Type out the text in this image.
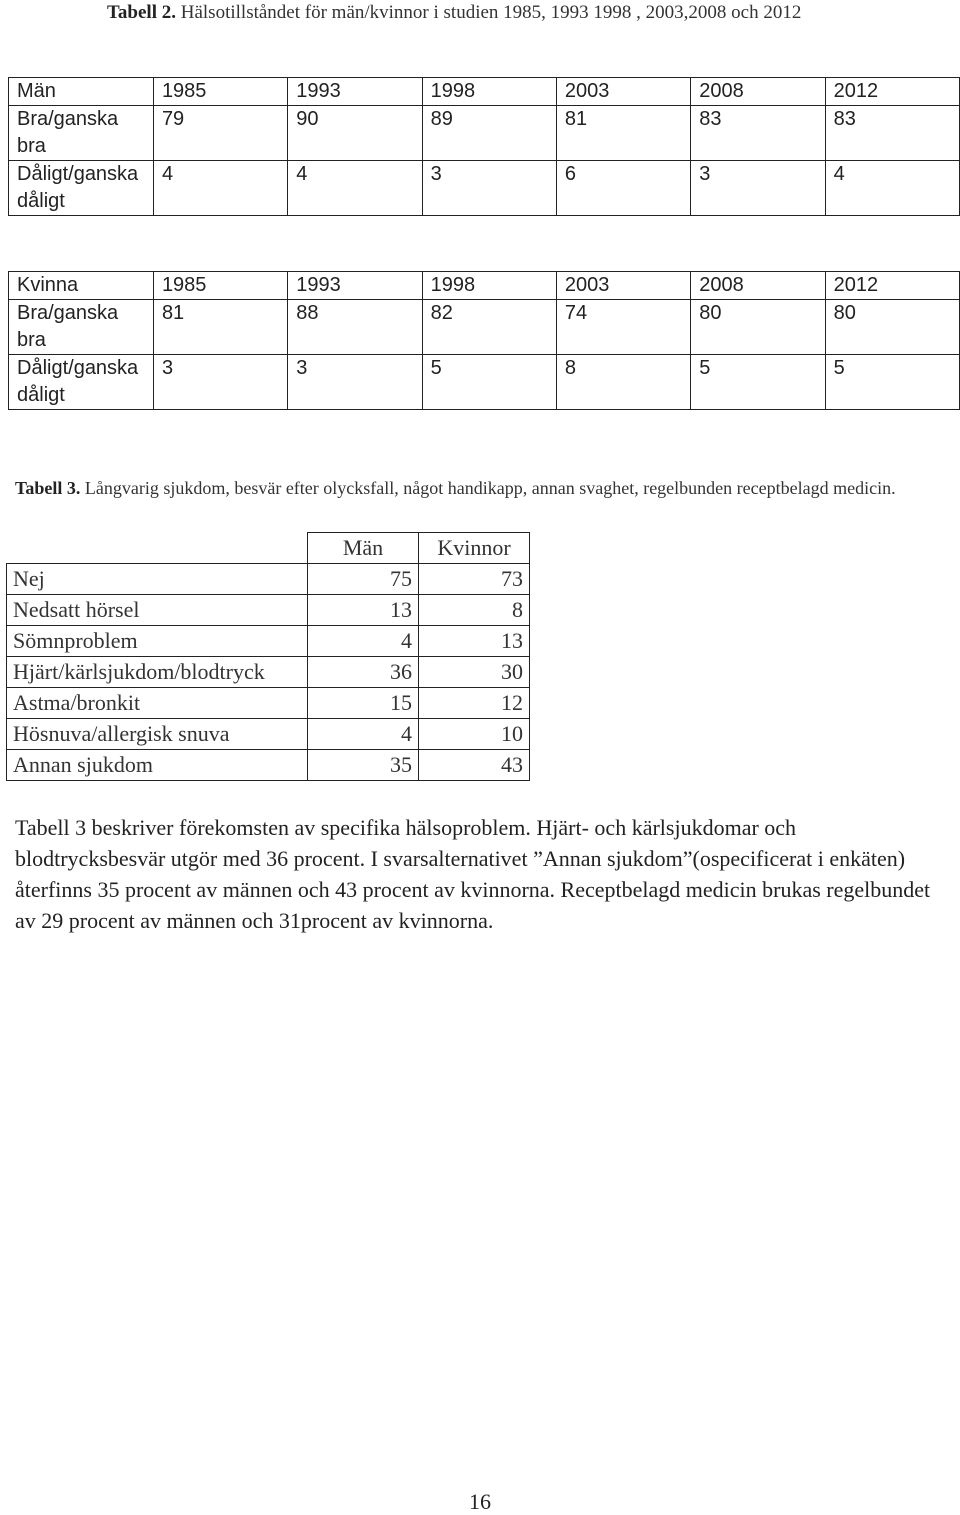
Tabell 2. Hälsotillståndet för män/kvinnor i studien 1985, 1993 1998 , 2003,2008 och 2012
Män	1985	1993	1998	2003	2008	2012
Bra/ganska bra	79	90	89	81	83	83
Dåligt/ganska dåligt	4	4	3	6	3	4
Kvinna	1985	1993	1998	2003	2008	2012
Bra/ganska bra	81	88	82	74	80	80
Dåligt/ganska dåligt	3	3	5	8	5	5
Tabell 3. Långvarig sjukdom, besvär efter olycksfall, något handikapp, annan svaghet, regelbunden receptbelagd medicin.
	Män	Kvinnor
Nej	75	73
Nedsatt hörsel	13	8
Sömnproblem	4	13
Hjärt/kärlsjukdom/blodtryck	36	30
Astma/bronkit	15	12
Hösnuva/allergisk snuva	4	10
Annan sjukdom	35	43

Tabell 3 beskriver förekomsten av specifika hälsoproblem. Hjärt- och kärlsjukdomar och blodtrycksbesvär utgör med 36 procent. I svarsalternativet ”Annan sjukdom”(ospecificerat i enkäten) återfinns 35 procent av männen och 43 procent av kvinnorna. Receptbelagd medicin brukas regelbundet av 29 procent av männen och 31procent av kvinnorna.

16
